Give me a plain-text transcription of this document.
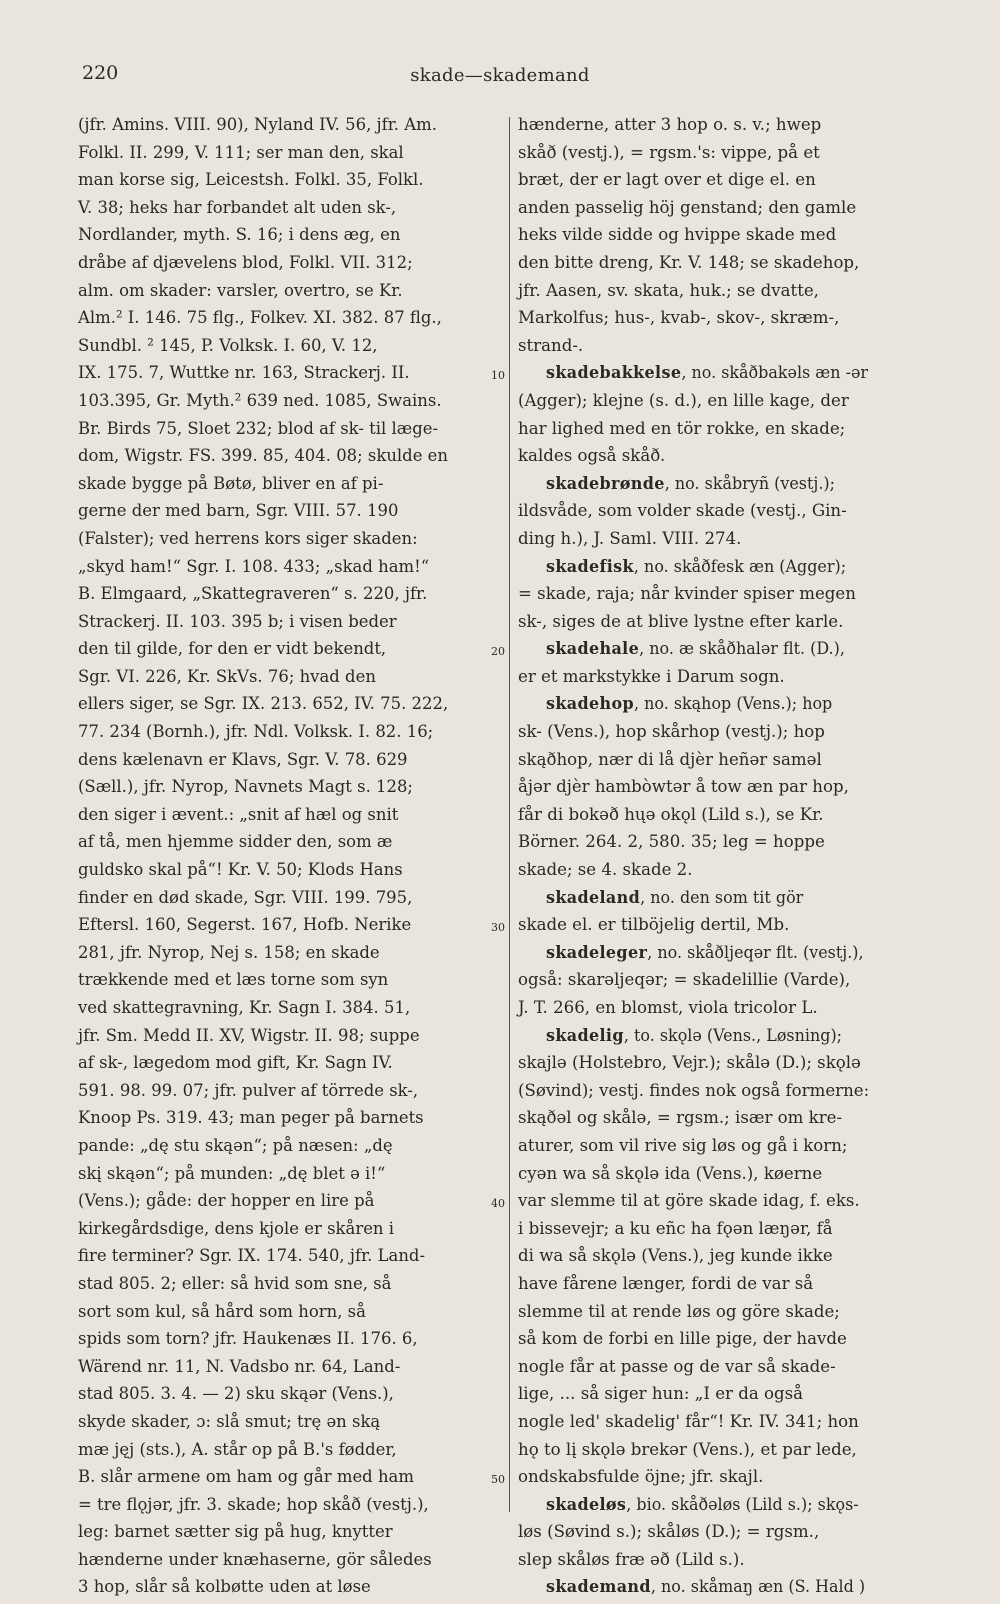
220	skade—skademand
(jfr. Amins. VIII. 90), Nyland IV. 56, jfr. Am.
Folkl. II. 299, V. 111; ser man den, skal
man korse sig, Leicestsh. Folkl. 35, Folkl.
V. 38; heks har forbandet alt uden sk-,
Nordlander, myth. S. 16; i dens æg, en
dråbe af djævelens blod, Folkl. VII. 312;
alm. om skader: varsler, overtro, se Kr.
Alm.² I. 146. 75 flg., Folkev. XI. 382. 87 flg.,
Sundbl. ² 145, P. Volksk. I. 60, V. 12,
IX. 175. 7, Wuttke nr. 163, Strackerj. II.
103.395, Gr. Myth.² 639 ned. 1085, Swains.
Br. Birds 75, Sloet 232; blod af sk- til læge-
dom, Wigstr. FS. 399. 85, 404. 08; skulde en
skade bygge på Bøtø, bliver en af pi-
gerne der med barn, Sgr. VIII. 57. 190
(Falster); ved herrens kors siger skaden:
„skyd ham!“ Sgr. I. 108. 433; „skad ham!“
B. Elmgaard, „Skattegraveren“ s. 220, jfr.
Strackerj. II. 103. 395 b; i visen beder
den til gilde, for den er vidt bekendt,
Sgr. VI. 226, Kr. SkVs. 76; hvad den
ellers siger, se Sgr. IX. 213. 652, IV. 75. 222,
77. 234 (Bornh.), jfr. Ndl. Volksk. I. 82. 16;
dens kælenavn er Klavs, Sgr. V. 78. 629
(Sæll.), jfr. Nyrop, Navnets Magt s. 128;
den siger i ævent.: „snit af hæl og snit
af tå, men hjemme sidder den, som æ
guldsko skal på“! Kr. V. 50; Klods Hans
finder en død skade, Sgr. VIII. 199. 795,
Eftersl. 160, Segerst. 167, Hofb. Nerike
281, jfr. Nyrop, Nej s. 158; en skade
trækkende med et læs torne som syn
ved skattegravning, Kr. Sagn I. 384. 51,
jfr. Sm. Medd II. XV, Wigstr. II. 98; suppe
af sk-, lægedom mod gift, Kr. Sagn IV.
591. 98. 99. 07; jfr. pulver af törrede sk-,
Knoop Ps. 319. 43; man peger på barnets
pande: „dę stu skąən“; på næsen: „dę
skį skąən“; på munden: „dę blet ə i!“
(Vens.); gåde: der hopper en lire på
kirkegårdsdige, dens kjole er skåren i
fire terminer? Sgr. IX. 174. 540, jfr. Land-
stad 805. 2; eller: så hvid som sne, så
sort som kul, så hård som horn, så
spids som torn? jfr. Haukenæs II. 176. 6,
Wärend nr. 11, N. Vadsbo nr. 64, Land-
stad 805. 3. 4. — 2) sku skąər (Vens.),
skyde skader, ɔ: slå smut; trę ən ską
mæ jęj (sts.), A. står op på B.'s fødder,
B. slår armene om ham og går med ham
= tre flǫjər, jfr. 3. skade; hop skåð (vestj.),
leg: barnet sætter sig på hug, knytter
hænderne under knæhaserne, gör således
3 hop, slår så kolbøtte uden at løse
hænderne, atter 3 hop o. s. v.; hwep
skåð (vestj.), = rgsm.'s: vippe, på et
bræt, der er lagt over et dige el. en
anden passelig höj genstand; den gamle
heks vilde sidde og hvippe skade med
den bitte dreng, Kr. V. 148; se skadehop,
jfr. Aasen, sv. skata, huk.; se dvatte,
Markolfus; hus-, kvab-, skov-, skræm-,
strand-.
skadebakkelse, no. skåðbakəls æn -ər
(Agger); klejne (s. d.), en lille kage, der
har lighed med en tör rokke, en skade;
kaldes også skåð.
skadebrønde, no. skåbryñ (vestj.);
ildsvåde, som volder skade (vestj., Gin-
ding h.), J. Saml. VIII. 274.
skadefisk, no. skåðfesk æn (Agger);
= skade, raja; når kvinder spiser megen
sk-, siges de at blive lystne efter karle.
skadehale, no. æ skåðhalər flt. (D.),
er et markstykke i Darum sogn.
skadehop, no. skąhop (Vens.); hop
sk- (Vens.), hop skårhop (vestj.); hop
skąðhop, nær di lå djèr heñər saməl
åjər djèr hambòwtər å tow æn par hop,
får di bokəð hųə okǫl (Lild s.), se Kr.
Börner. 264. 2, 580. 35; leg = hoppe
skade; se 4. skade 2.
skadeland, no. den som tit gör
skade el. er tilböjelig dertil, Mb.
skadeleger, no. skåðljeqər flt. (vestj.),
også: skarəljeqər; = skadelillie (Varde),
J. T. 266, en blomst, viola tricolor L.
skadelig, to. skǫlə (Vens., Løsning);
skajlə (Holstebro, Vejr.); skålə (D.); skǫlə
(Søvind); vestj. findes nok også formerne:
skąðəl og skålə, = rgsm.; især om kre-
aturer, som vil rive sig løs og gå i korn;
cyən wa så skǫlə ida (Vens.), køerne
var slemme til at göre skade idag, f. eks.
i bissevejr; a ku eñc ha fǫən læŋər, få
di wa så skǫlə (Vens.), jeg kunde ikke
have fårene længer, fordi de var så
slemme til at rende løs og göre skade;
så kom de forbi en lille pige, der havde
nogle får at passe og de var så skade-
lige, ... så siger hun: „I er da også
nogle led' skadelig' får“! Kr. IV. 341; hon
hǫ to lį skǫlə brekər (Vens.), et par lede,
ondskabsfulde öjne; jfr. skajl.
skadeløs, bio. skåðəløs (Lild s.); skǫs-
løs (Søvind s.); skåløs (D.); = rgsm.,
slep skåløs fræ əð (Lild s.).
skademand, no. skåmaŋ æn (S. Hald )
10
20
30
40
50
